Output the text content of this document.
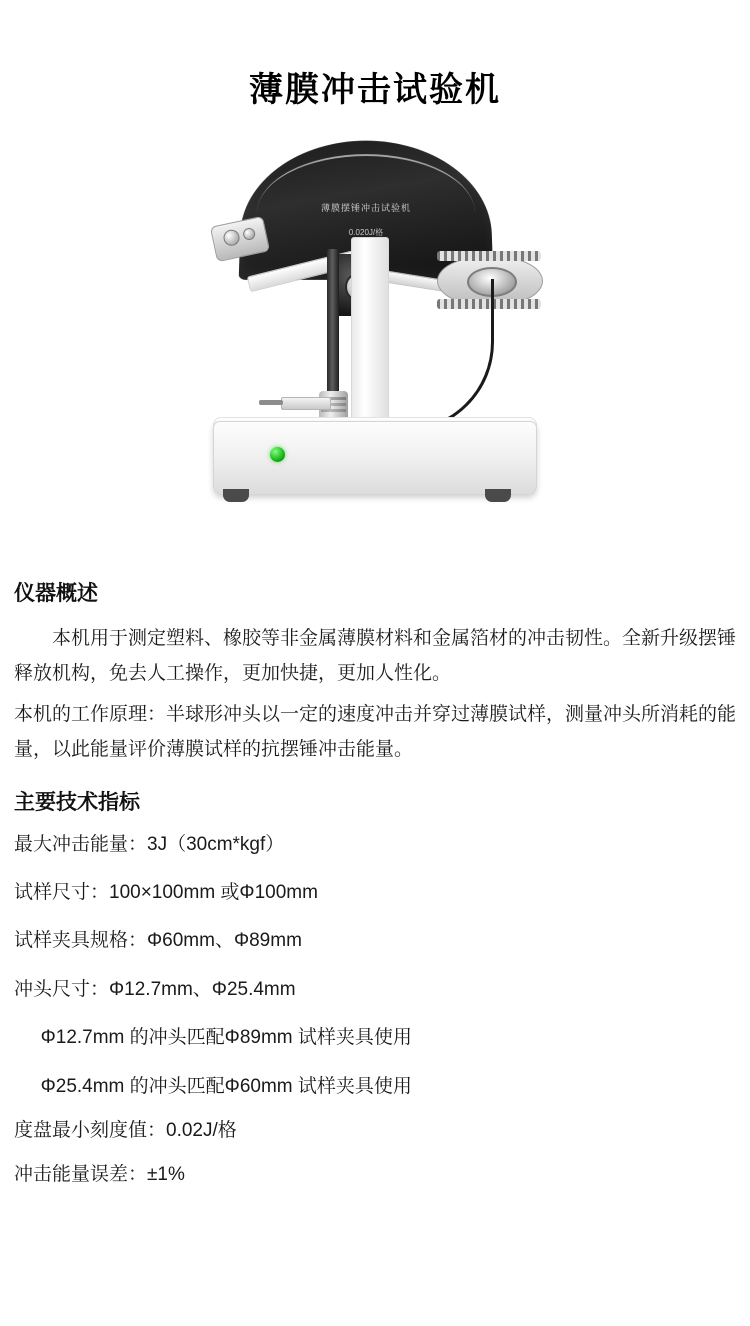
薄膜冲击试验机
薄膜摆锤冲击试验机
0.020J/格
仪器概述

本机用于测定塑料、橡胶等非金属薄膜材料和金属箔材的冲击韧性。全新升级摆锤释放机构，免去人工操作，更加快捷，更加人性化。

本机的工作原理：半球形冲头以一定的速度冲击并穿过薄膜试样，测量冲头所消耗的能量，以此能量评价薄膜试样的抗摆锤冲击能量。

主要技术指标

最大冲击能量：3J（30cm*kgf）

试样尺寸：100×100mm 或Φ100mm

试样夹具规格：Φ60mm、Φ89mm

冲头尺寸：Φ12.7mm、Φ25.4mm

Φ12.7mm 的冲头匹配Φ89mm 试样夹具使用

Φ25.4mm 的冲头匹配Φ60mm 试样夹具使用

度盘最小刻度值：0.02J/格

冲击能量误差：±1%
